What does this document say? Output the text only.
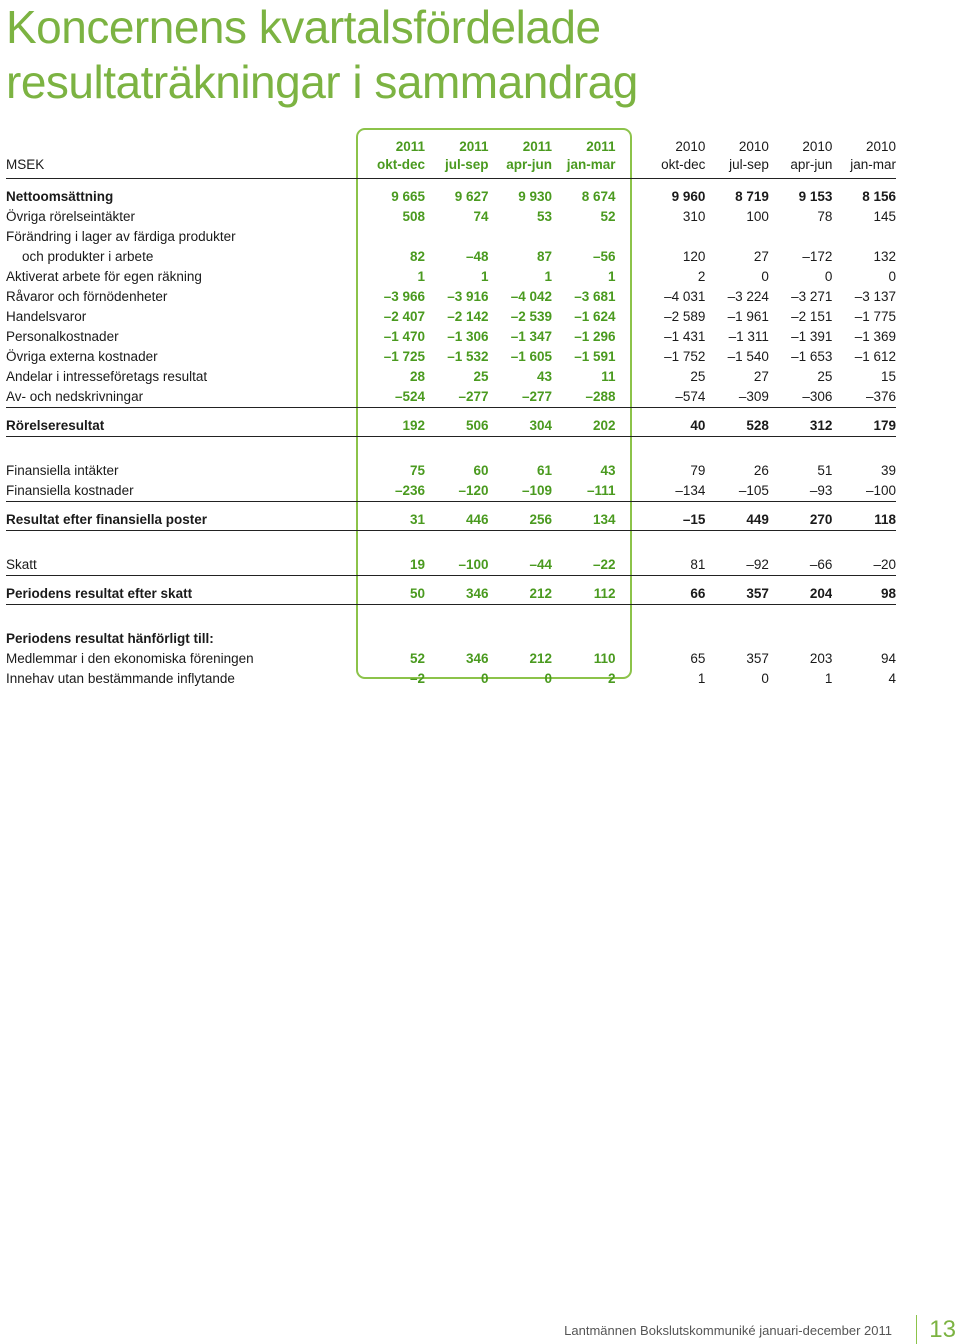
Koncernens kvartalsfördelade
resultaträkningar i sammandrag
	2011	2011	2011	2011		2010	2010	2010	2010
MSEK	okt-dec	jul-sep	apr-jun	jan-mar		okt-dec	jul-sep	apr-jun	jan-mar

Nettoomsättning	9 665	9 627	9 930	8 674		9 960	8 719	9 153	8 156
Övriga rörelseintäkter	508	74	53	52		310	100	78	145
Förändring i lager av färdiga produkter									
och produkter i arbete	82	–48	87	–56		120	27	–172	132
Aktiverat arbete för egen räkning	1	1	1	1		2	0	0	0
Råvaror och förnödenheter	–3 966	–3 916	–4 042	–3 681		–4 031	–3 224	–3 271	–3 137
Handelsvaror	–2 407	–2 142	–2 539	–1 624		–2 589	–1 961	–2 151	–1 775
Personalkostnader	–1 470	–1 306	–1 347	–1 296		–1 431	–1 311	–1 391	–1 369
Övriga externa kostnader	–1 725	–1 532	–1 605	–1 591		–1 752	–1 540	–1 653	–1 612
Andelar i intresseföretags resultat	28	25	43	11		25	27	25	15
Av- och nedskrivningar	–524	–277	–277	–288		–574	–309	–306	–376

Rörelseresultat	192	506	304	202		40	528	312	179

Finansiella intäkter	75	60	61	43		79	26	51	39
Finansiella kostnader	–236	–120	–109	–111		–134	–105	–93	–100

Resultat efter finansiella poster	31	446	256	134		–15	449	270	118

Skatt	19	–100	–44	–22		81	–92	–66	–20

Periodens resultat efter skatt	50	346	212	112		66	357	204	98

Periodens resultat hänförligt till:									
Medlemmar i den ekonomiska föreningen	52	346	212	110		65	357	203	94
Innehav utan bestämmande inflytande	–2	0	0	2		1	0	1	4
Lantmännen Bokslutskommuniké januari-december 2011	13
